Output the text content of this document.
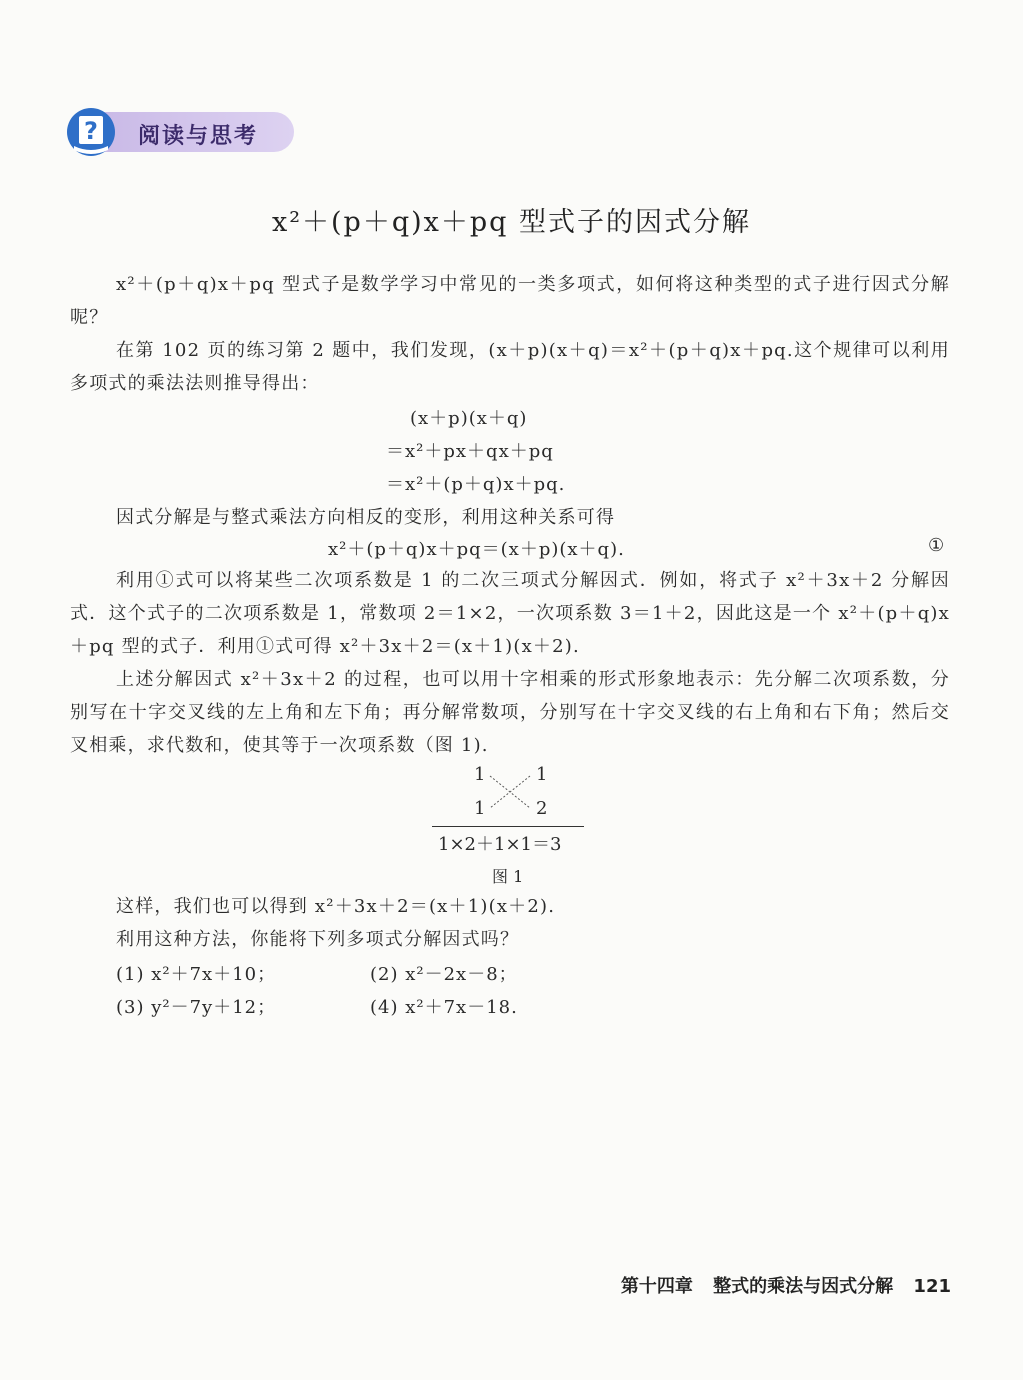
? 阅读与思考
x²＋(p＋q)x＋pq 型式子的因式分解
x²＋(p＋q)x＋pq 型式子是数学学习中常见的一类多项式，如何将这种类型的式子进行因式分解呢？
在第 102 页的练习第 2 题中，我们发现，(x＋p)(x＋q)＝x²＋(p＋q)x＋pq.这个规律可以利用多项式的乘法法则推导得出：
(x＋p)(x＋q)
＝x²＋px＋qx＋pq
＝x²＋(p＋q)x＋pq.
因式分解是与整式乘法方向相反的变形，利用这种关系可得
x²＋(p＋q)x＋pq＝(x＋p)(x＋q).	①
利用①式可以将某些二次项系数是 1 的二次三项式分解因式．例如，将式子 x²＋3x＋2 分解因式．这个式子的二次项系数是 1，常数项 2＝1×2，一次项系数 3＝1＋2，因此这是一个 x²＋(p＋q)x＋pq 型的式子．利用①式可得 x²＋3x＋2＝(x＋1)(x＋2).
上述分解因式 x²＋3x＋2 的过程，也可以用十字相乘的形式形象地表示：先分解二次项系数，分别写在十字交叉线的左上角和左下角；再分解常数项，分别写在十字交叉线的右上角和右下角；然后交叉相乘，求代数和，使其等于一次项系数（图 1).
1	1
1	2
1×2＋1×1＝3
图 1
这样，我们也可以得到 x²＋3x＋2＝(x＋1)(x＋2).
利用这种方法，你能将下列多项式分解因式吗？
(1) x²＋7x＋10；	(2) x²－2x－8；
(3) y²－7y＋12；	(4) x²＋7x－18.
第十四章 整式的乘法与因式分解 121
